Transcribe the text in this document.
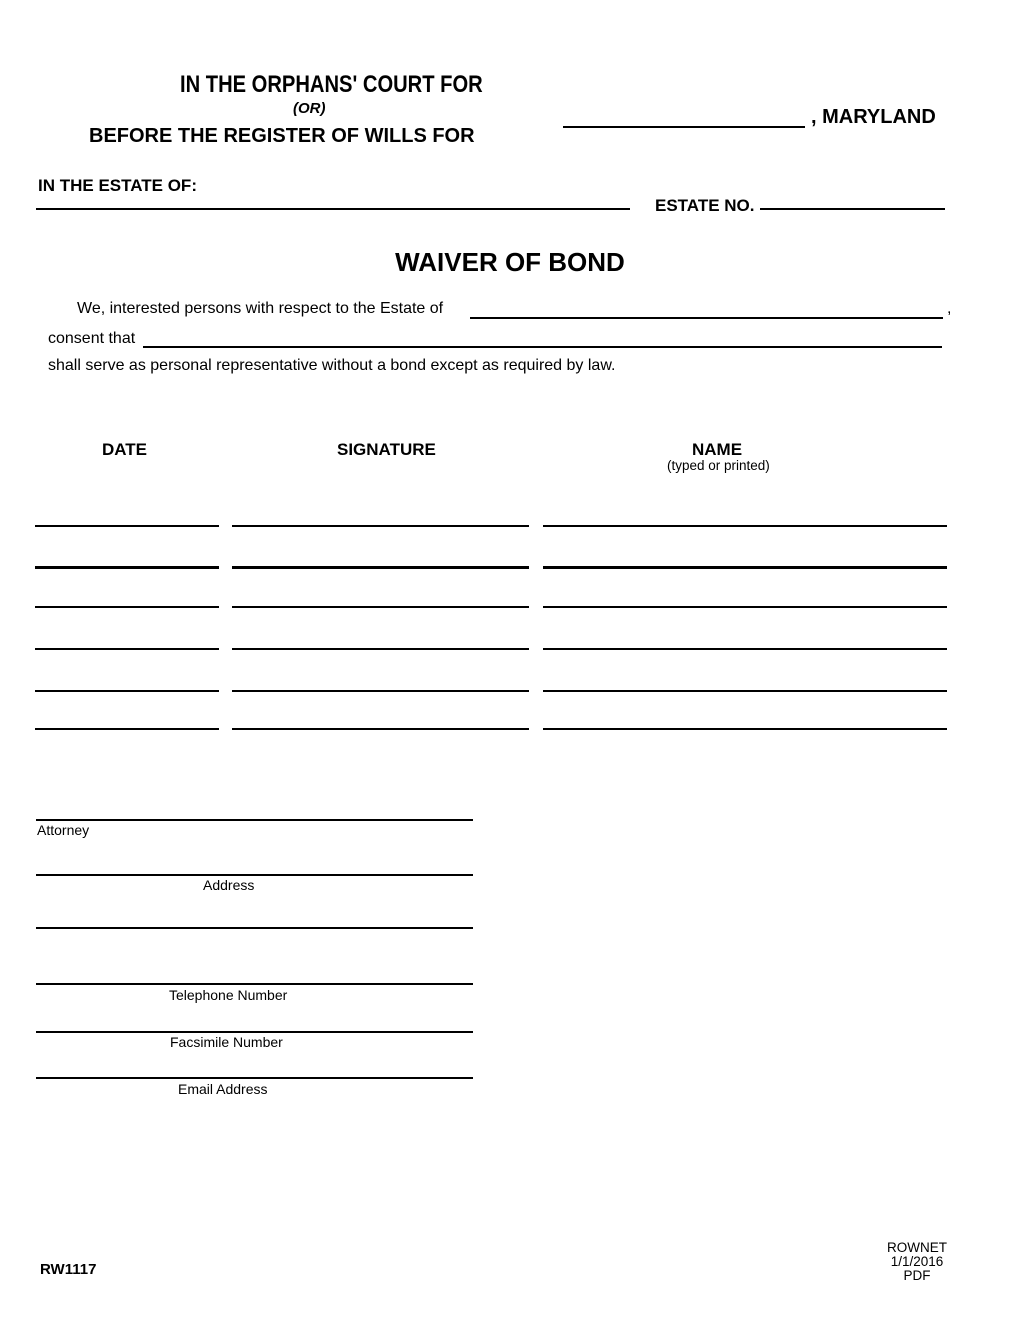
IN THE ORPHANS' COURT FOR
(OR)
BEFORE THE REGISTER OF WILLS FOR
, MARYLAND
IN THE ESTATE OF:
ESTATE NO.
WAIVER OF BOND
We, interested persons with respect to the Estate of	,
consent that
shall serve as personal representative without a bond except as required by law.
DATE	SIGNATURE	NAME
(typed or printed)
Attorney
Address
Telephone Number
Facsimile Number
Email Address
RW1117
ROWNET
1/1/2016
PDF
